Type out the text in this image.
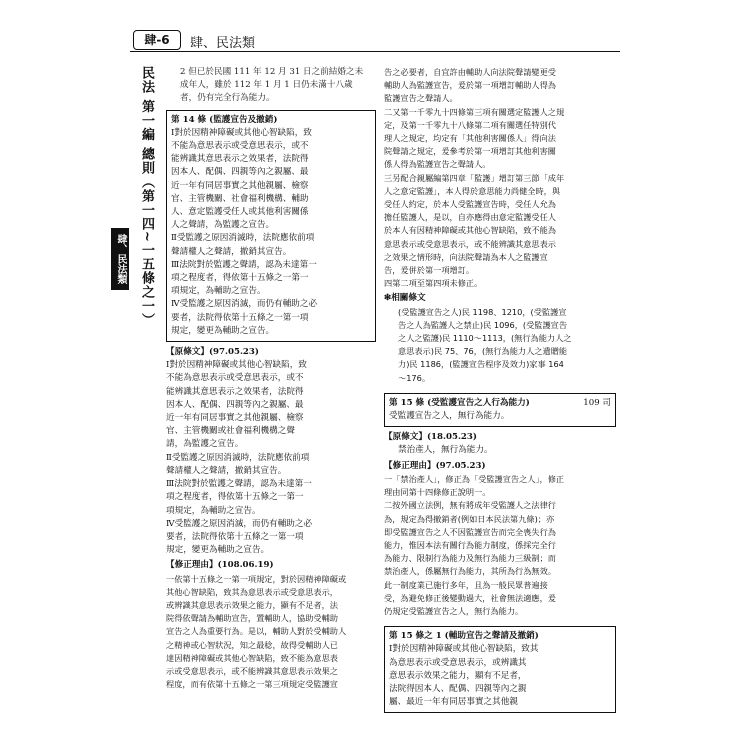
肆-6	肆、民法類
民法 第一編 總則（第一四~一五條之一）
肆、民法類
2 但已於民國 111 年 12 月 31 日之前結婚之未
成年人，雖於 112 年 1 月 1 日仍未滿十八歲
者，仍有完全行為能力。
第 14 條 (監護宣告及撤銷)
Ⅰ對於因精神障礙或其他心智缺陷，致
不能為意思表示或受意思表示，或不
能辨識其意思表示之效果者，法院得
因本人、配偶、四親等內之親屬、最
近一年有同居事實之其他親屬、檢察
官、主管機關、社會福利機構、輔助
人、意定監護受任人或其他利害關係
人之聲請，為監護之宣告。
Ⅱ受監護之原因消滅時，法院應依前項
聲請權人之聲請，撤銷其宣告。
Ⅲ法院對於監護之聲請，認為未達第一
項之程度者，得依第十五條之一第一
項規定，為輔助之宣告。
Ⅳ受監護之原因消滅，而仍有輔助之必
要者，法院得依第十五條之一第一項
規定，變更為輔助之宣告。
【原條文】(97.05.23)
Ⅰ對於因精神障礙或其他心智缺陷，致
不能為意思表示或受意思表示，或不
能辨識其意思表示之效果者，法院得
因本人、配偶、四親等內之親屬、最
近一年有同居事實之其他親屬、檢察
官、主管機關或社會福利機構之聲
請，為監護之宣告。
Ⅱ受監護之原因消滅時，法院應依前項
聲請權人之聲請，撤銷其宣告。
Ⅲ法院對於監護之聲請，認為未達第一
項之程度者，得依第十五條之一第一
項規定，為輔助之宣告。
Ⅳ受監護之原因消滅，而仍有輔助之必
要者，法院得依第十五條之一第一項
規定，變更為輔助之宣告。
【修正理由】(108.06.19)
一依第十五條之一第一項規定，對於因精神障礙或
其他心智缺陷，致其為意思表示或受意思表示，
或辨識其意思表示效果之能力，顯有不足者，法
院得依聲請為輔助宣告，置輔助人，協助受輔助
宣告之人為重要行為。是以，輔助人對於受輔助人
之精神或心智狀況，知之最稔，故得受輔助人已
達因精神障礙或其他心智缺陷，致不能為意思表
示或受意思表示，或不能辨識其意思表示效果之
程度，而有依第十五條之一第三項規定受監護宣
告之必要者，自宜許由輔助人向法院聲請變更受
輔助人為監護宣告，爰於第一項增訂輔助人得為
監護宣告之聲請人。
二又第一千零九十四條第三項有關選定監護人之規
定，及第一千零九十八條第二項有關選任特別代
理人之規定，均定有「其他利害關係人」得向法
院聲請之規定，爰參考於第一項增訂其他利害關
係人得為監護宣告之聲請人。
三另配合親屬編第四章「監護」增訂第三節「成年
人之意定監護」，本人得於意思能力尚健全時，與
受任人約定，於本人受監護宣告時，受任人允為
擔任監護人，是以，自亦應得由意定監護受任人
於本人有因精神障礙或其他心智缺陷，致不能為
意思表示或受意思表示，或不能辨識其意思表示
之效果之情形時，向法院聲請為本人之監護宣
告，爰併於第一項增訂。
四第二項至第四項未修正。
❇相關條文
(受監護宣告之人)民 1198、1210，(受監護宣
告之人為監護人之禁止)民 1096，(受監護宣告
之人之監護)民 1110～1113，(無行為能力人之
意思表示)民 75、76，(無行為能力人之遺贈能
力)民 1186，(監護宣告程序及效力)家事 164
～176。
第 15 條 (受監護宣告之人行為能力)	109 司
受監護宣告之人，無行為能力。
【原條文】(18.05.23)
禁治產人，無行為能力。
【修正理由】(97.05.23)
一「禁治產人」，修正為「受監護宣告之人」，修正
理由同第十四條修正說明一。
二按外國立法例，無有將成年受監護人之法律行
為，規定為得撤銷者(例如日本民法第九條)；亦
即受監護宣告之人不因監護宣告而完全喪失行為
能力，惟因本法有關行為能力制度，係採完全行
為能力、限制行為能力及無行為能力三級制；而
禁治產人，係屬無行為能力，其所為行為無效。
此一制度業已施行多年，且為一般民眾普遍接
受，為避免修正後變動過大，社會無法適應，爰
仍規定受監護宣告之人，無行為能力。
第 15 條之 1 (輔助宣告之聲請及撤銷)
Ⅰ對於因精神障礙或其他心智缺陷，致其
為意思表示或受意思表示，或辨識其
意思表示效果之能力，顯有不足者，
法院得因本人、配偶、四親等內之親
屬、最近一年有同居事實之其他親
